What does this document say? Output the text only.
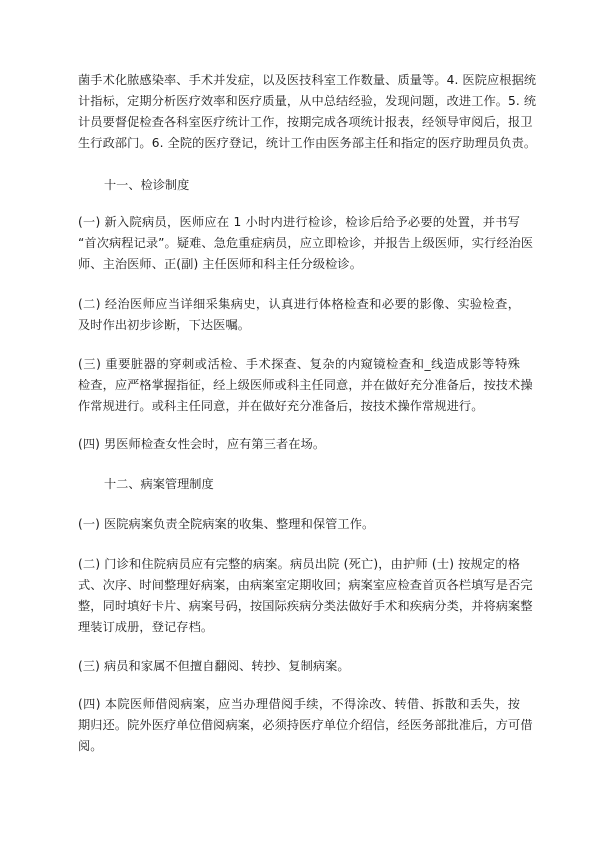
菌手术化脓感染率、手术并发症，以及医技科室工作数量、质量等。4. 医院应根据统
计指标，定期分析医疗效率和医疗质量，从中总结经验，发现问题，改进工作。5. 统
计员要督促检查各科室医疗统计工作，按期完成各项统计报表，经领导审阅后，报卫
生行政部门。6. 全院的医疗登记，统计工作由医务部主任和指定的医疗助理员负责。
十一、检诊制度
(一) 新入院病员，医师应在 1 小时内进行检诊，检诊后给予必要的处置，并书写
“首次病程记录”。疑难、急危重症病员，应立即检诊，并报告上级医师，实行经治医
师、主治医师、正(副) 主任医师和科主任分级检诊。
(二) 经治医师应当详细采集病史，认真进行体格检查和必要的影像、实验检查，
及时作出初步诊断，下达医嘱。
(三) 重要脏器的穿刺或活检、手术探查、复杂的内窥镜检查和_线造成影等特殊
检查，应严格掌握指征，经上级医师或科主任同意，并在做好充分准备后，按技术操
作常规进行。或科主任同意，并在做好充分准备后，按技术操作常规进行。
(四) 男医师检查女性会时，应有第三者在场。
十二、病案管理制度
(一) 医院病案负责全院病案的收集、整理和保管工作。
(二) 门诊和住院病员应有完整的病案。病员出院 (死亡)，由护师 (士) 按规定的格
式、次序、时间整理好病案，由病案室定期收回；病案室应检查首页各栏填写是否完
整，同时填好卡片、病案号码，按国际疾病分类法做好手术和疾病分类，并将病案整
理装订成册，登记存档。
(三) 病员和家属不但擅自翻阅、转抄、复制病案。
(四) 本院医师借阅病案，应当办理借阅手续，不得涂改、转借、拆散和丢失，按
期归还。院外医疗单位借阅病案，必须持医疗单位介绍信，经医务部批准后，方可借
阅。
